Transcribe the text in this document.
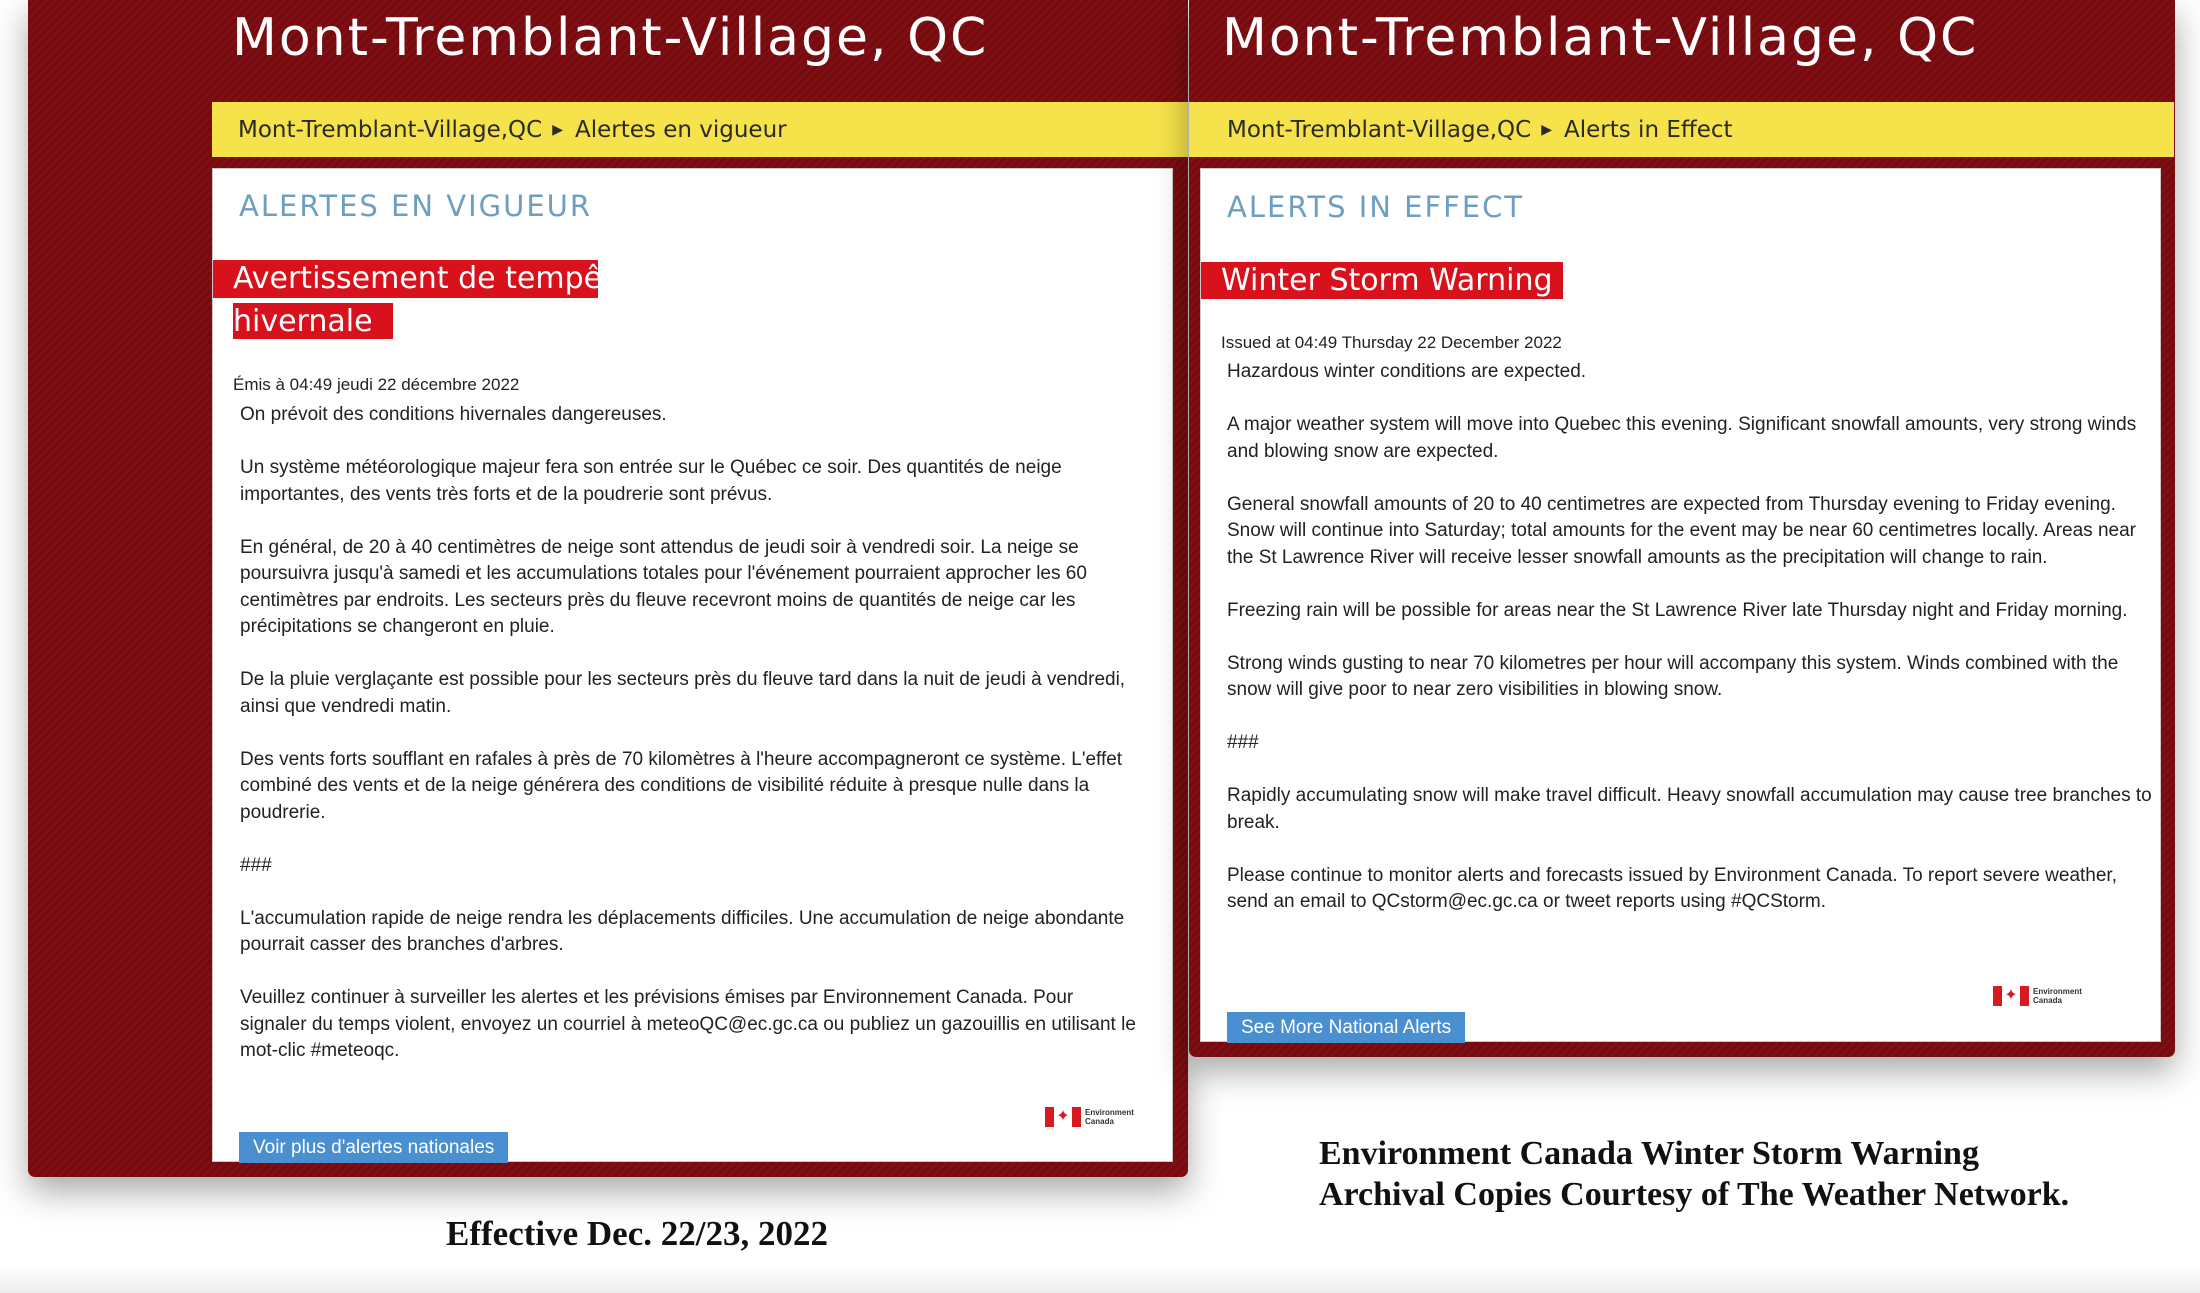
Mont-Tremblant-Village, QC
Mont-Tremblant-Village,QC ▶ Alertes en vigueur
ALERTES EN VIGUEUR
Avertissement de tempête
hivernale
Émis à 04:49 jeudi 22 décembre 2022

On prévoit des conditions hivernales dangereuses.

Un système météorologique majeur fera son entrée sur le Québec ce soir. Des quantités de neige importantes, des vents très forts et de la poudrerie sont prévus.

En général, de 20 à 40 centimètres de neige sont attendus de jeudi soir à vendredi soir. La neige se poursuivra jusqu'à samedi et les accumulations totales pour l'événement pourraient approcher les 60 centimètres par endroits. Les secteurs près du fleuve recevront moins de quantités de neige car les précipitations se changeront en pluie.

De la pluie verglaçante est possible pour les secteurs près du fleuve tard dans la nuit de jeudi à vendredi, ainsi que vendredi matin.

Des vents forts soufflant en rafales à près de 70 kilomètres à l'heure accompagneront ce système. L'effet combiné des vents et de la neige générera des conditions de visibilité réduite à presque nulle dans la poudrerie.

###

L'accumulation rapide de neige rendra les déplacements difficiles. Une accumulation de neige abondante pourrait casser des branches d'arbres.

Veuillez continuer à surveiller les alertes et les prévisions émises par Environnement Canada. Pour signaler du temps violent, envoyez un courriel à meteoQC@ec.gc.ca ou publiez un gazouillis en utilisant le mot-clic #meteoqc.

✦ Environment Canada
Voir plus d'alertes nationales
Mont-Tremblant-Village, QC
Mont-Tremblant-Village,QC ▶ Alerts in Effect
ALERTS IN EFFECT
Winter Storm Warning
Issued at 04:49 Thursday 22 December 2022

Hazardous winter conditions are expected.

A major weather system will move into Quebec this evening. Significant snowfall amounts, very strong winds and blowing snow are expected.

General snowfall amounts of 20 to 40 centimetres are expected from Thursday evening to Friday evening. Snow will continue into Saturday; total amounts for the event may be near 60 centimetres locally. Areas near the St Lawrence River will receive lesser snowfall amounts as the precipitation will change to rain.

Freezing rain will be possible for areas near the St Lawrence River late Thursday night and Friday morning.

Strong winds gusting to near 70 kilometres per hour will accompany this system. Winds combined with the snow will give poor to near zero visibilities in blowing snow.

###

Rapidly accumulating snow will make travel difficult. Heavy snowfall accumulation may cause tree branches to break.

Please continue to monitor alerts and forecasts issued by Environment Canada. To report severe weather, send an email to QCstorm@ec.gc.ca or tweet reports using #QCStorm.

✦ Environment Canada
See More National Alerts
Effective Dec. 22/23, 2022
Environment Canada Winter Storm Warning
Archival Copies Courtesy of The Weather Network.
